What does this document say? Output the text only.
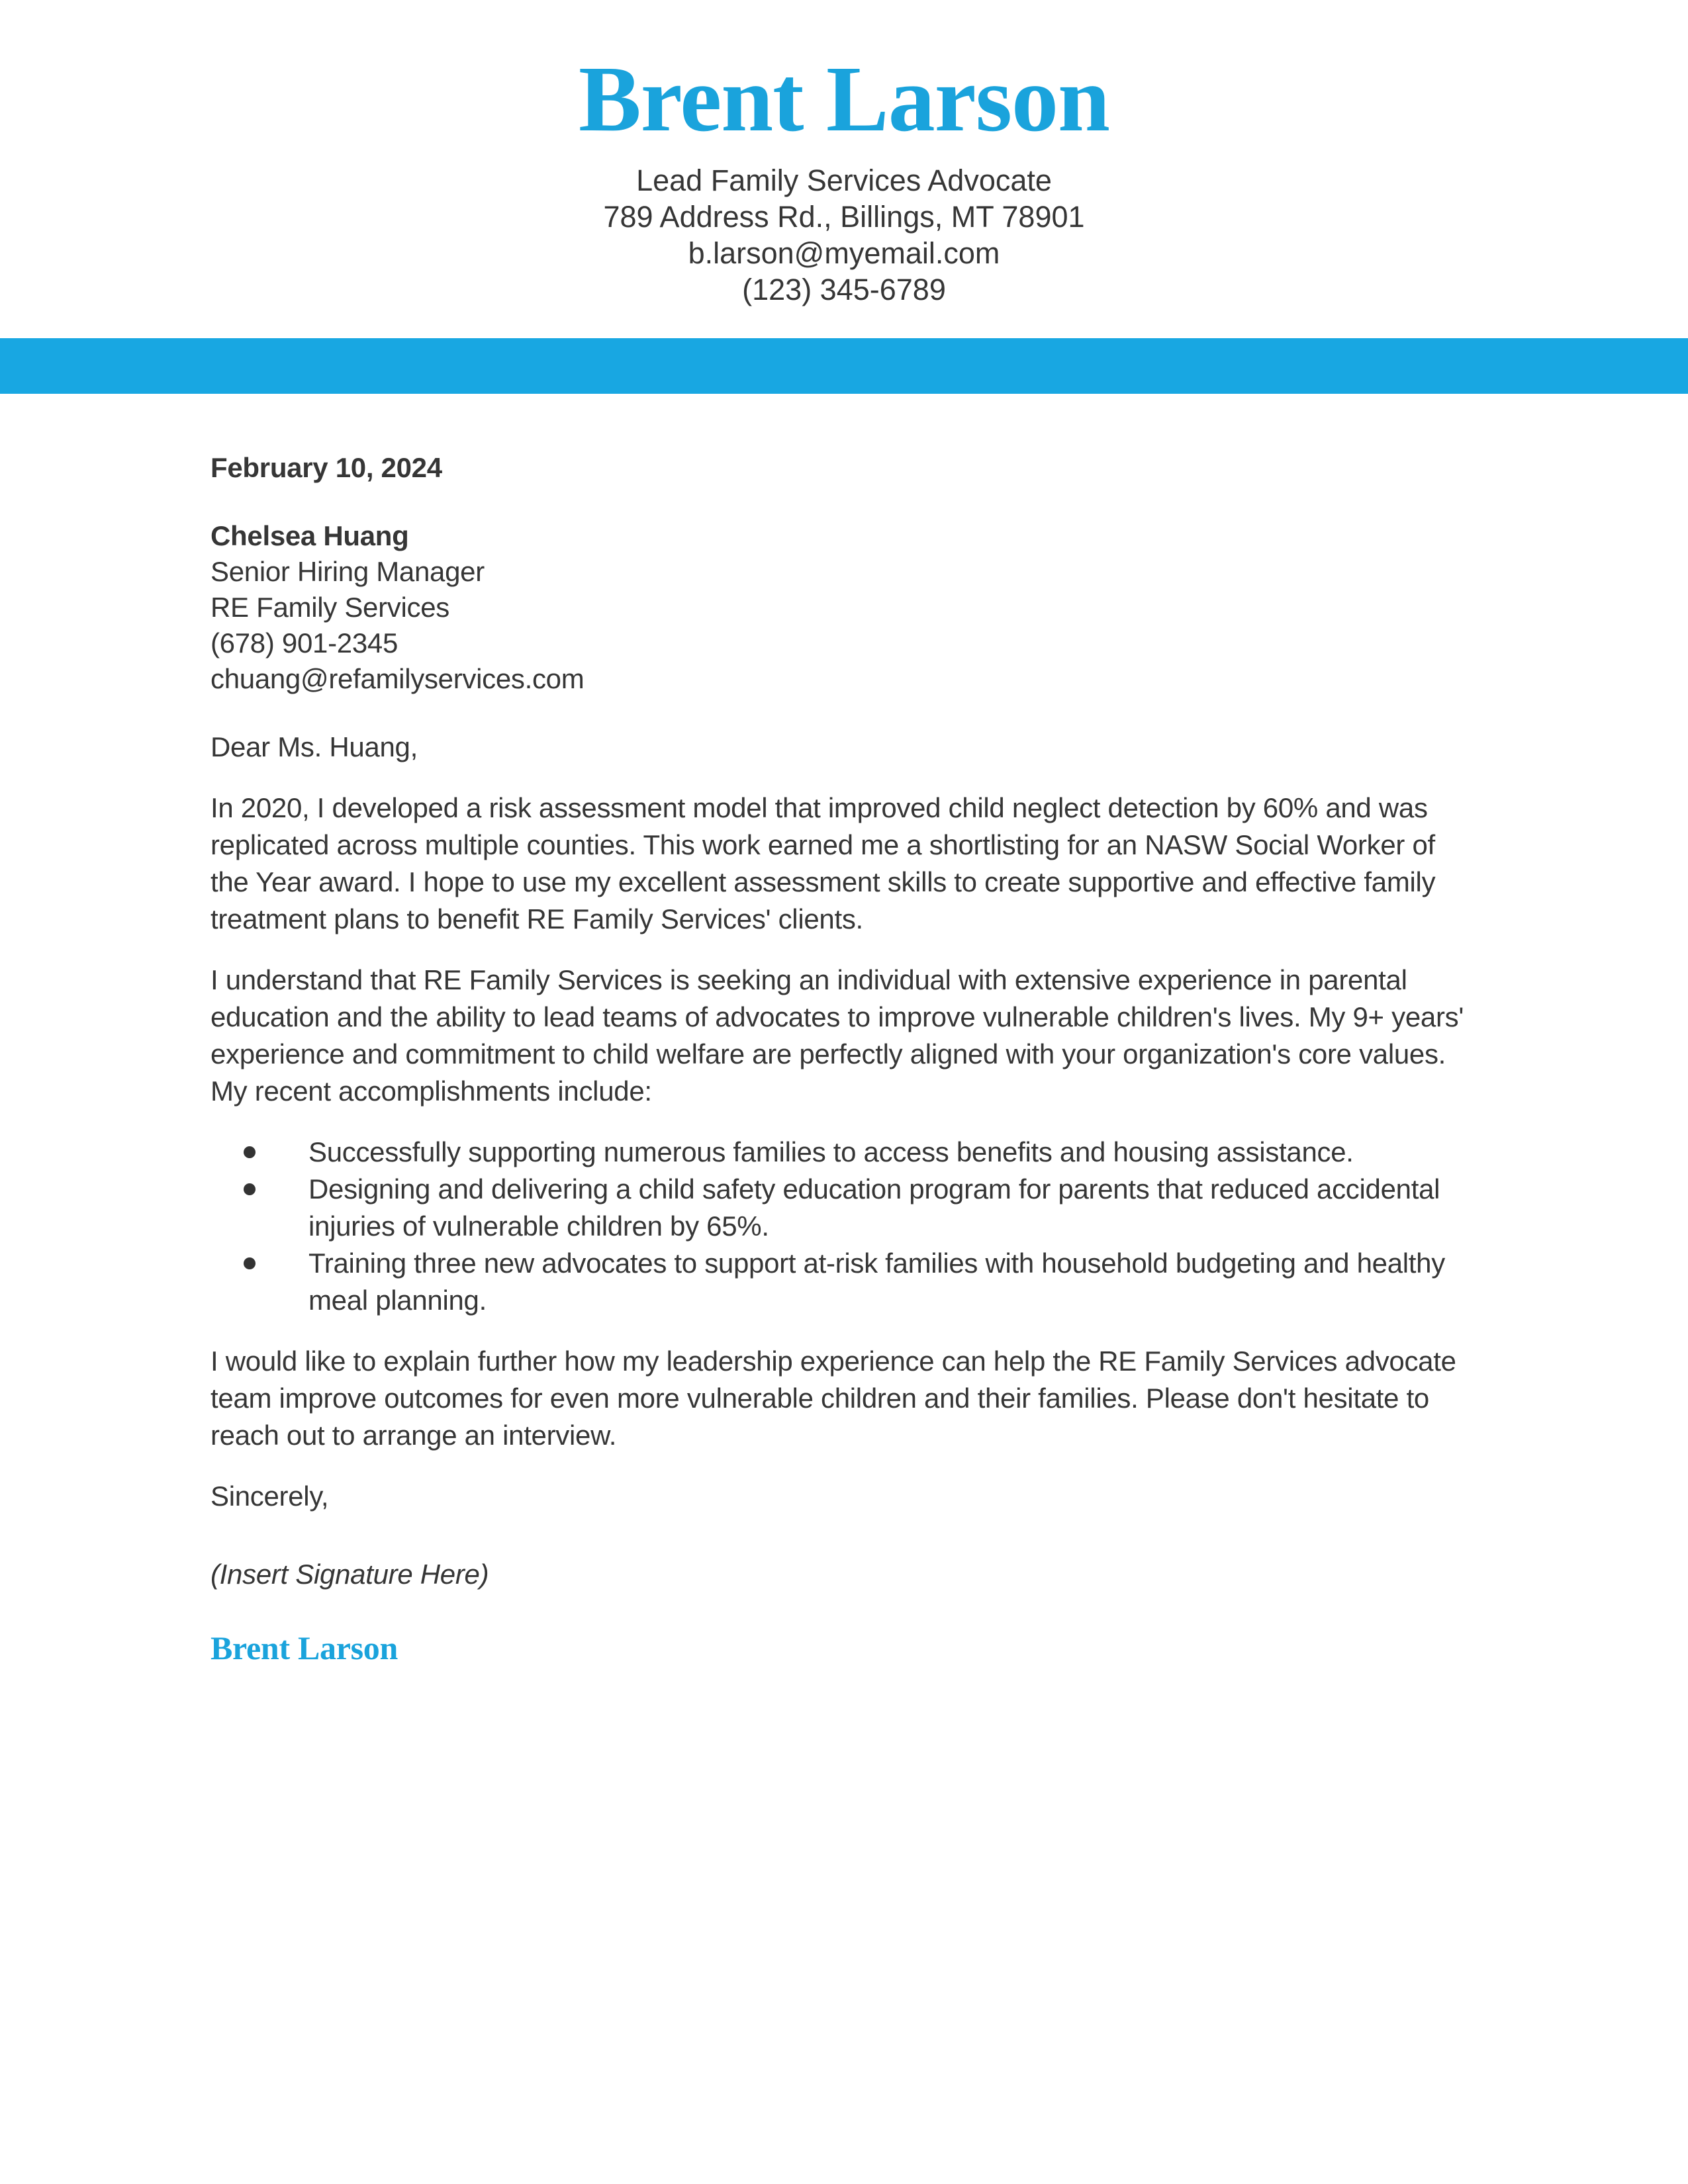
Brent Larson
Lead Family Services Advocate
789 Address Rd., Billings, MT 78901
b.larson@myemail.com
(123) 345-6789
February 10, 2024
Chelsea Huang
Senior Hiring Manager
RE Family Services
(678) 901-2345
chuang@refamilyservices.com
Dear Ms. Huang,
In 2020, I developed a risk assessment model that improved child neglect detection by 60% and was replicated across multiple counties. This work earned me a shortlisting for an NASW Social Worker of the Year award. I hope to use my excellent assessment skills to create supportive and effective family treatment plans to benefit RE Family Services' clients.
I understand that RE Family Services is seeking an individual with extensive experience in parental education and the ability to lead teams of advocates to improve vulnerable children's lives. My 9+ years' experience and commitment to child welfare are perfectly aligned with your organization's core values. My recent accomplishments include:
Successfully supporting numerous families to access benefits and housing assistance.
Designing and delivering a child safety education program for parents that reduced accidental injuries of vulnerable children by 65%.
Training three new advocates to support at-risk families with household budgeting and healthy meal planning.
I would like to explain further how my leadership experience can help the RE Family Services advocate team improve outcomes for even more vulnerable children and their families. Please don't hesitate to reach out to arrange an interview.
Sincerely,
(Insert Signature Here)
Brent Larson
